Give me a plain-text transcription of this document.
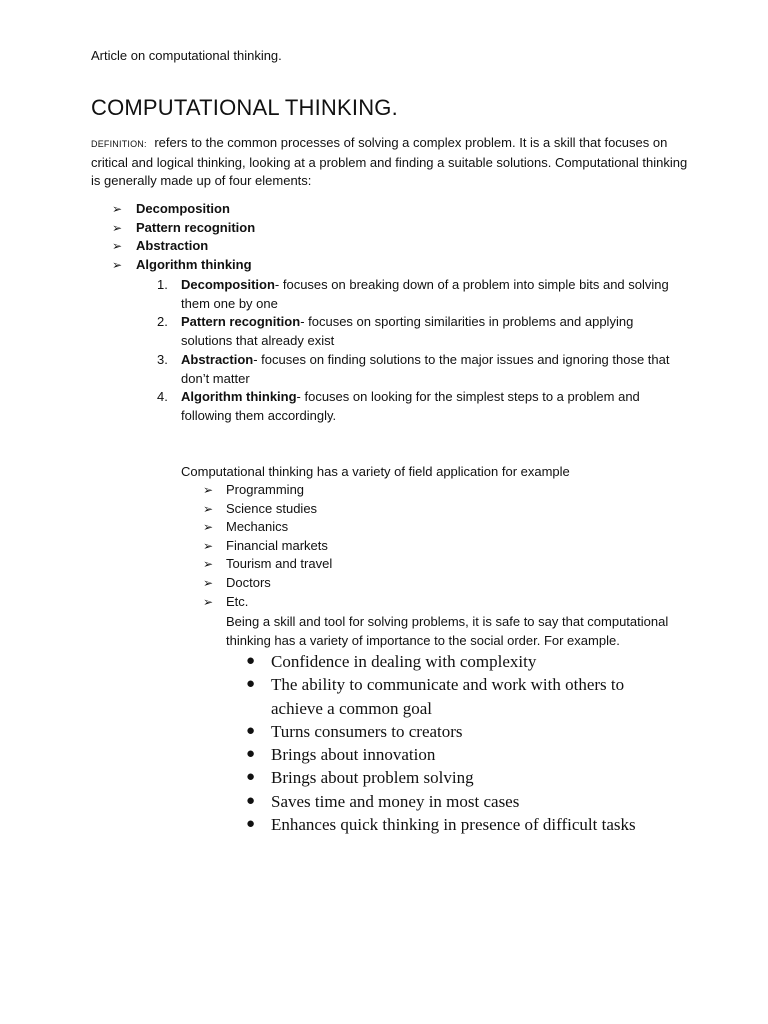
Article on computational thinking.
COMPUTATIONAL THINKING.
DEFINITION: refers to the common processes of solving a complex problem. It is a skill that focuses on critical and logical thinking, looking at a problem and finding a suitable solutions. Computational thinking is generally made up of four elements:
➢ Decomposition
➢ Pattern recognition
➢ Abstraction
➢ Algorithm thinking
1. Decomposition- focuses on breaking down of a problem into simple bits and solving them one by one
2. Pattern recognition- focuses on sporting similarities in problems and applying solutions that already exist
3. Abstraction- focuses on finding solutions to the major issues and ignoring those that don’t matter
4. Algorithm thinking- focuses on looking for the simplest steps to a problem and following them accordingly.
Computational thinking has a variety of field application for example
➢ Programming
➢ Science studies
➢ Mechanics
➢ Financial markets
➢ Tourism and travel
➢ Doctors
➢ Etc.
Being a skill and tool for solving problems, it is safe to say that computational thinking has a variety of importance to the social order. For example.
● Confidence in dealing with complexity
● The ability to communicate and work with others to achieve a common goal
● Turns consumers to creators
● Brings about innovation
● Brings about problem solving
● Saves time and money in most cases
● Enhances quick thinking in presence of difficult tasks
